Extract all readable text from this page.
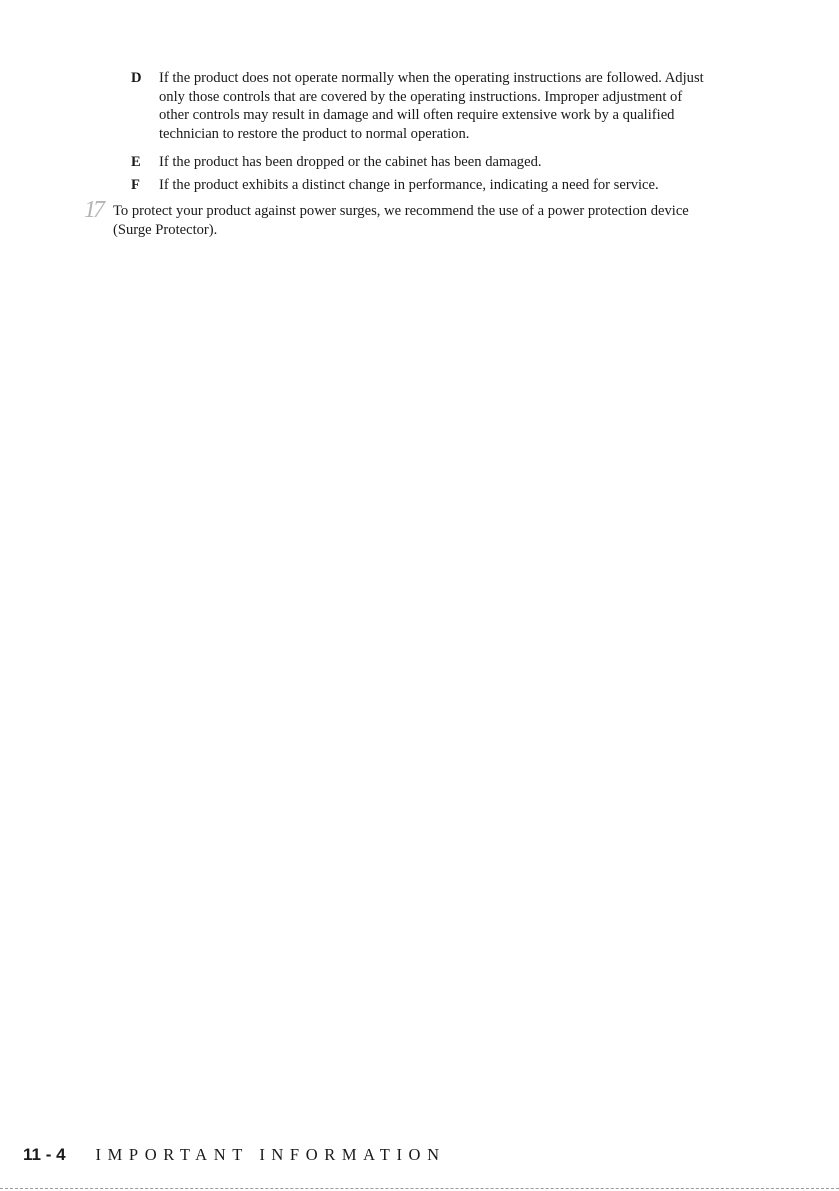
D If the product does not operate normally when the operating instructions are followed. Adjust only those controls that are covered by the operating instructions. Improper adjustment of other controls may result in damage and will often require extensive work by a qualified technician to restore the product to normal operation.
E If the product has been dropped or the cabinet has been damaged.
F If the product exhibits a distinct change in performance, indicating a need for service.
17 To protect your product against power surges, we recommend the use of a power protection device (Surge Protector).
11 - 4 IMPORTANT INFORMATION
